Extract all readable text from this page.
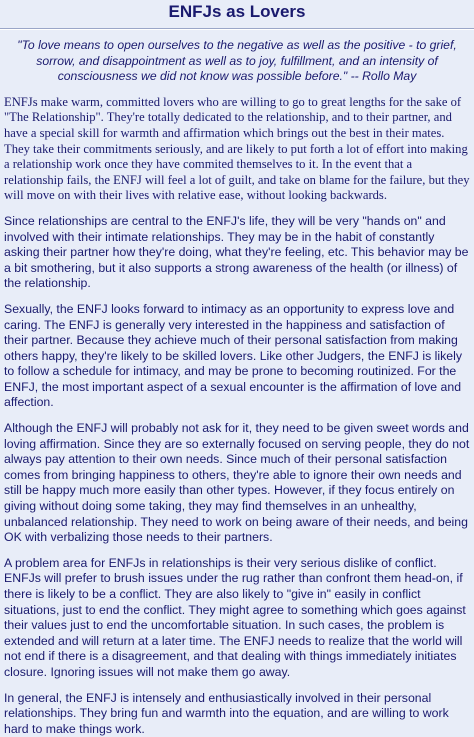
ENFJs as Lovers
"To love means to open ourselves to the negative as well as the positive - to grief, sorrow, and disappointment as well as to joy, fulfillment, and an intensity of consciousness we did not know was possible before." -- Rollo May
ENFJs make warm, committed lovers who are willing to go to great lengths for the sake of "The Relationship". They're totally dedicated to the relationship, and to their partner, and have a special skill for warmth and affirmation which brings out the best in their mates. They take their commitments seriously, and are likely to put forth a lot of effort into making a relationship work once they have commited themselves to it. In the event that a relationship fails, the ENFJ will feel a lot of guilt, and take on blame for the failure, but they will move on with their lives with relative ease, without looking backwards.
Since relationships are central to the ENFJ's life, they will be very "hands on" and involved with their intimate relationships. They may be in the habit of constantly asking their partner how they're doing, what they're feeling, etc. This behavior may be a bit smothering, but it also supports a strong awareness of the health (or illness) of the relationship.
Sexually, the ENFJ looks forward to intimacy as an opportunity to express love and caring. The ENFJ is generally very interested in the happiness and satisfaction of their partner. Because they achieve much of their personal satisfaction from making others happy, they're likely to be skilled lovers. Like other Judgers, the ENFJ is likely to follow a schedule for intimacy, and may be prone to becoming routinized. For the ENFJ, the most important aspect of a sexual encounter is the affirmation of love and affection.
Although the ENFJ will probably not ask for it, they need to be given sweet words and loving affirmation. Since they are so externally focused on serving people, they do not always pay attention to their own needs. Since much of their personal satisfaction comes from bringing happiness to others, they're able to ignore their own needs and still be happy much more easily than other types. However, if they focus entirely on giving without doing some taking, they may find themselves in an unhealthy, unbalanced relationship. They need to work on being aware of their needs, and being OK with verbalizing those needs to their partners.
A problem area for ENFJs in relationships is their very serious dislike of conflict. ENFJs will prefer to brush issues under the rug rather than confront them head-on, if there is likely to be a conflict. They are also likely to "give in" easily in conflict situations, just to end the conflict. They might agree to something which goes against their values just to end the uncomfortable situation. In such cases, the problem is extended and will return at a later time. The ENFJ needs to realize that the world will not end if there is a disagreement, and that dealing with things immediately initiates closure. Ignoring issues will not make them go away.
In general, the ENFJ is intensely and enthusiastically involved in their personal relationships. They bring fun and warmth into the equation, and are willing to work hard to make things work.
